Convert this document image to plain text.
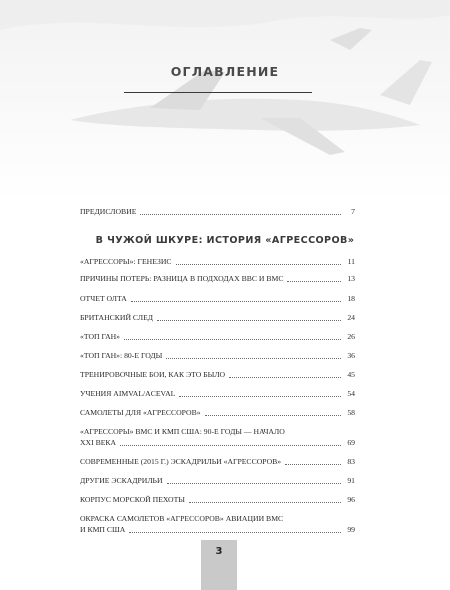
ОГЛАВЛЕНИЕ
ПРЕДИСЛОВИЕ	7
В ЧУЖОЙ ШКУРЕ: ИСТОРИЯ «АГРЕССОРОВ»
«АГРЕССОРЫ»: ГЕНЕЗИС	11
ПРИЧИНЫ ПОТЕРЬ: РАЗНИЦА В ПОДХОДАХ ВВС И ВМС	13
ОТЧЕТ ОЛТА	18
БРИТАНСКИЙ СЛЕД	24
«ТОП ГАН»	26
«ТОП ГАН»: 80-Е ГОДЫ	36
ТРЕНИРОВОЧНЫЕ БОИ, КАК ЭТО БЫЛО	45
УЧЕНИЯ AIMVAL/ACEVAL	54
САМОЛЕТЫ ДЛЯ «АГРЕССОРОВ»	58
«АГРЕССОРЫ» ВМС И КМП США: 90-Е ГОДЫ — НАЧАЛО
XXI ВЕКА	69
СОВРЕМЕННЫЕ (2015 Г.) ЭСКАДРИЛЬИ «АГРЕССОРОВ»	83
ДРУГИЕ ЭСКАДРИЛЬИ	91
КОРПУС МОРСКОЙ ПЕХОТЫ	96
ОКРАСКА САМОЛЕТОВ «АГРЕССОРОВ» АВИАЦИИ ВМС
И КМП США	99
3
